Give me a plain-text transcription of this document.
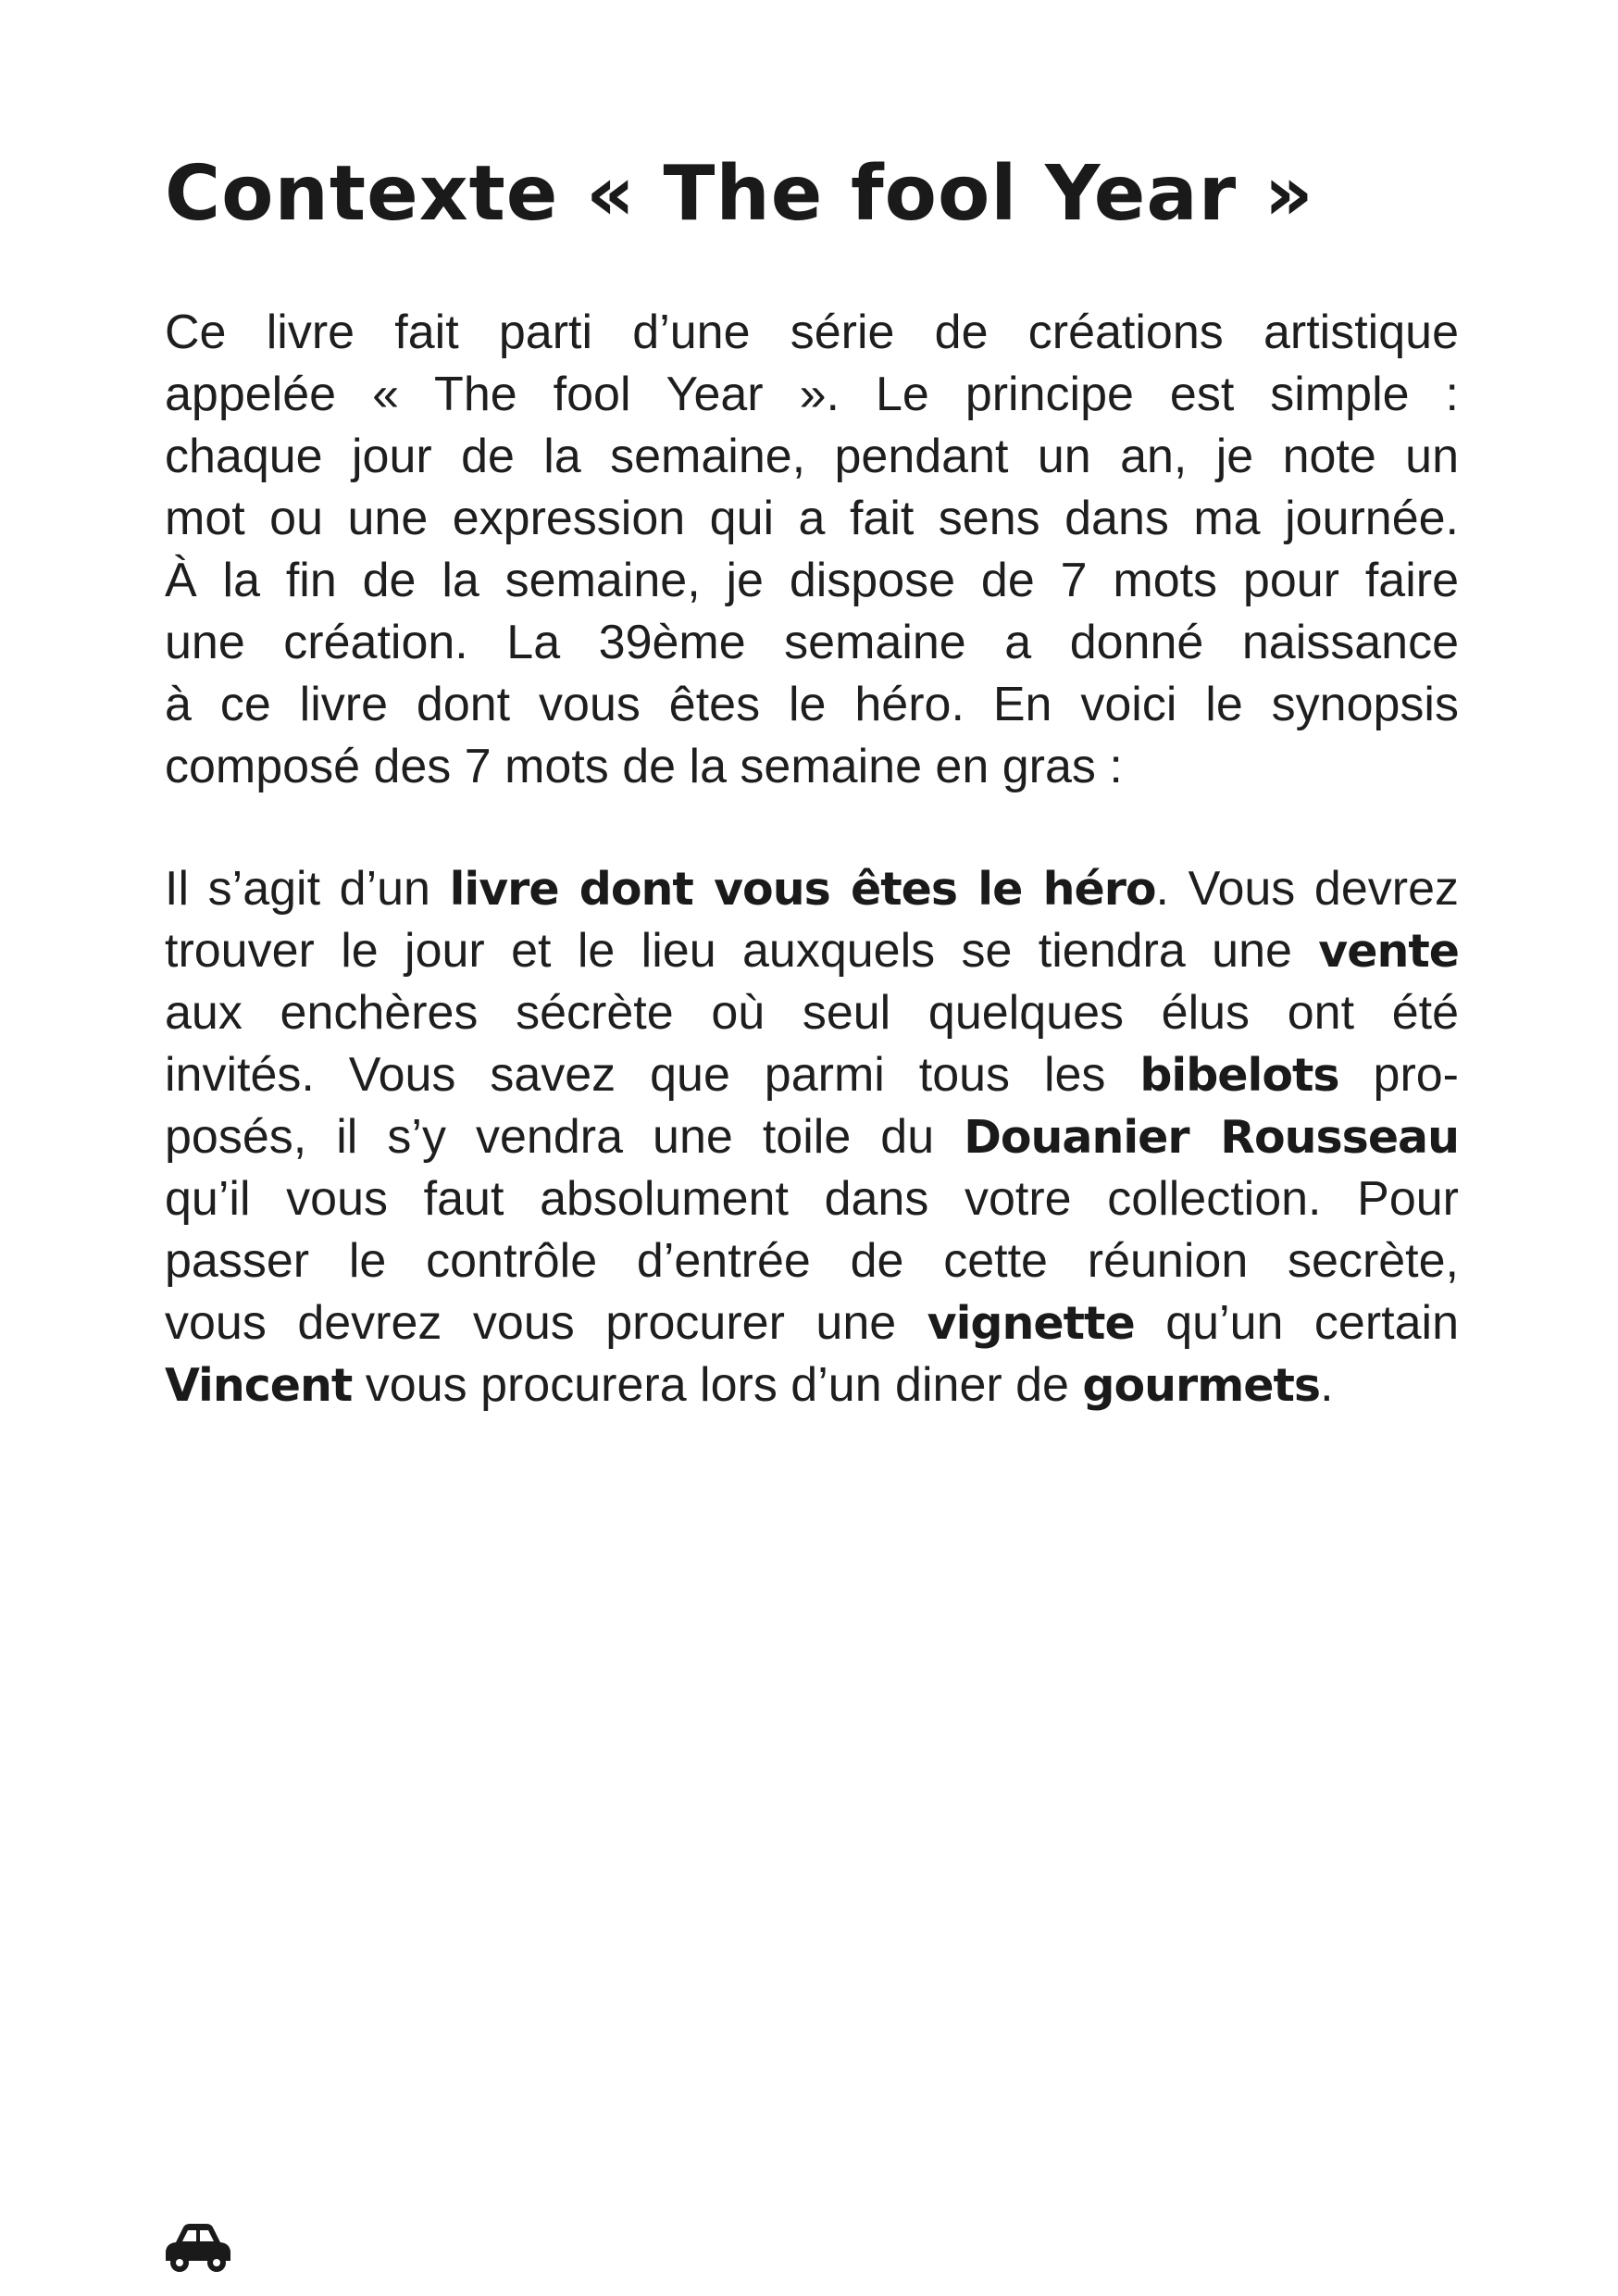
Contexte « The fool Year »
Ce livre fait parti d’une série de créations artistique
appelée « The fool Year ». Le principe est simple :
chaque jour de la semaine, pendant un an, je note un
mot ou une expression qui a fait sens dans ma journée.
À la fin de la semaine, je dispose de 7 mots pour faire
une création. La 39ème semaine a donné naissance
à ce livre dont vous êtes le héro. En voici le synopsis
composé des 7 mots de la semaine en gras :
Il s’agit d’un livre dont vous êtes le héro. Vous devrez
trouver le jour et le lieu auxquels se tiendra une vente
aux enchères sécrète où seul quelques élus ont été
invités. Vous savez que parmi tous les bibelots pro-
posés, il s’y vendra une toile du Douanier Rousseau
qu’il vous faut absolument dans votre collection. Pour
passer le contrôle d’entrée de cette réunion secrète,
vous devrez vous procurer une vignette qu’un certain
Vincent vous procurera lors d’un diner de gourmets.
